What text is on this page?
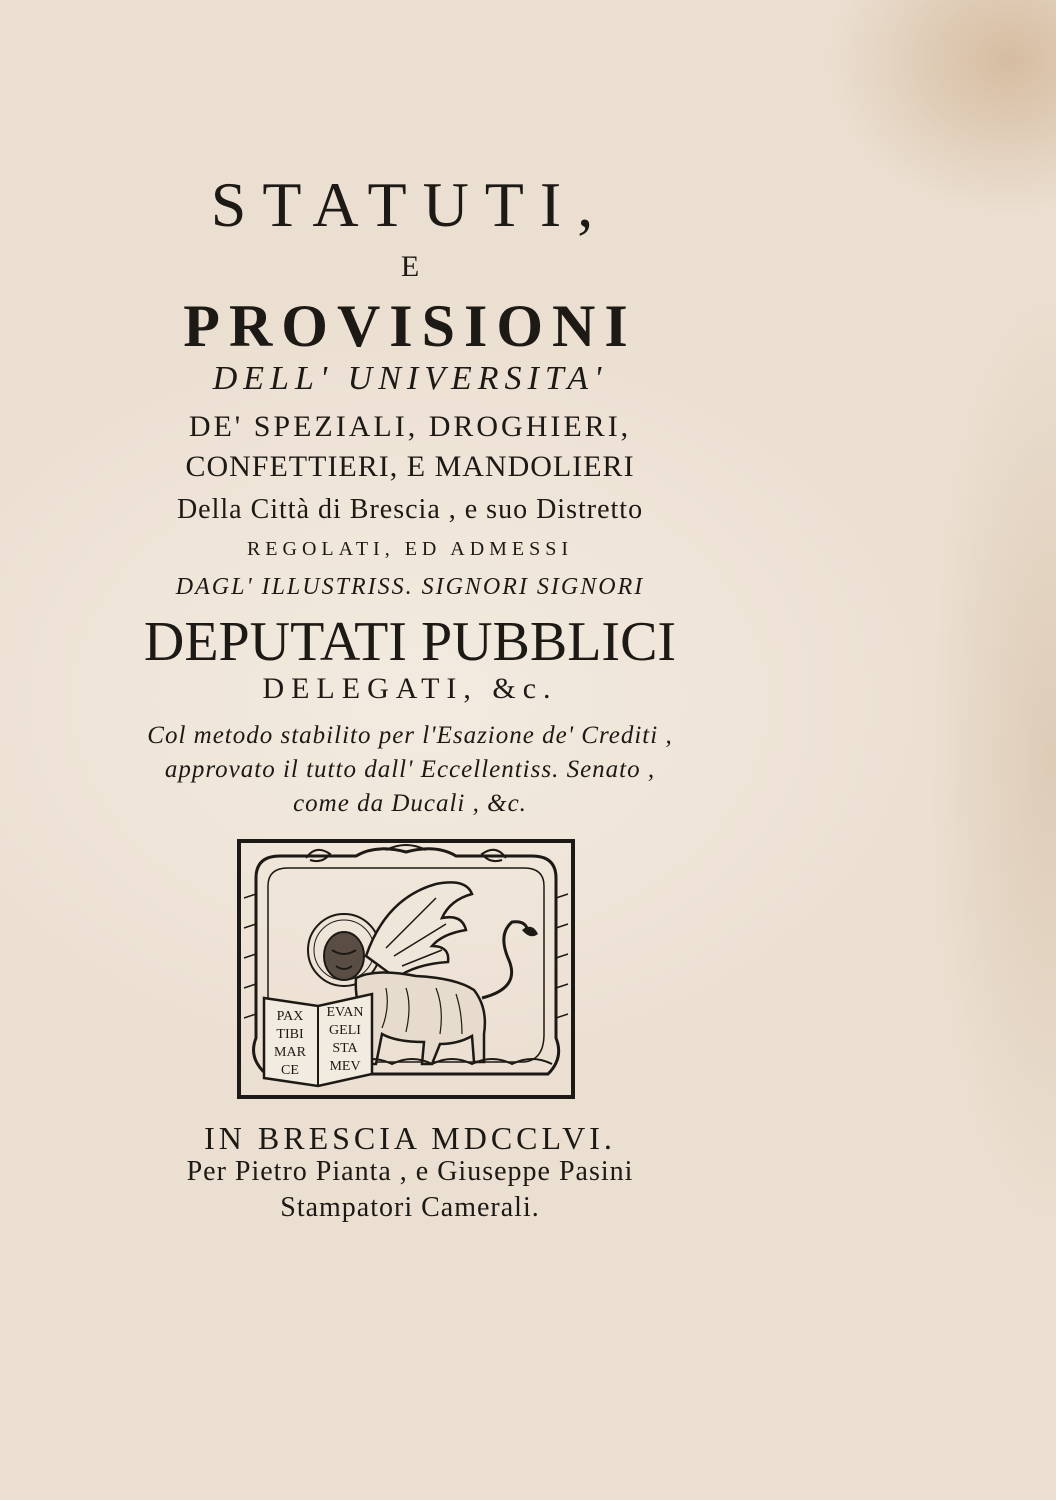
STATUTI,
E
PROVISIONI
DELL' UNIVERSITA'
DE' SPEZIALI, DROGHIERI,
CONFETTIERI, E MANDOLIERI
Della Città di Brescia , e suo Distretto
REGOLATI, ED ADMESSI
DAGL' ILLUSTRISS. SIGNORI SIGNORI
DEPUTATI PUBBLICI
DELEGATI, &c.
Col metodo stabilito per l'Esazione de' Crediti ,
approvato il tutto dall' Eccellentiss. Senato ,
come da Ducali , &c.
PAX
TIBI
MAR
CE
EVAN
GELI
STA
MEV
IN BRESCIA MDCCLVI.
Per Pietro Pianta , e Giuseppe Pasini
Stampatori Camerali.
